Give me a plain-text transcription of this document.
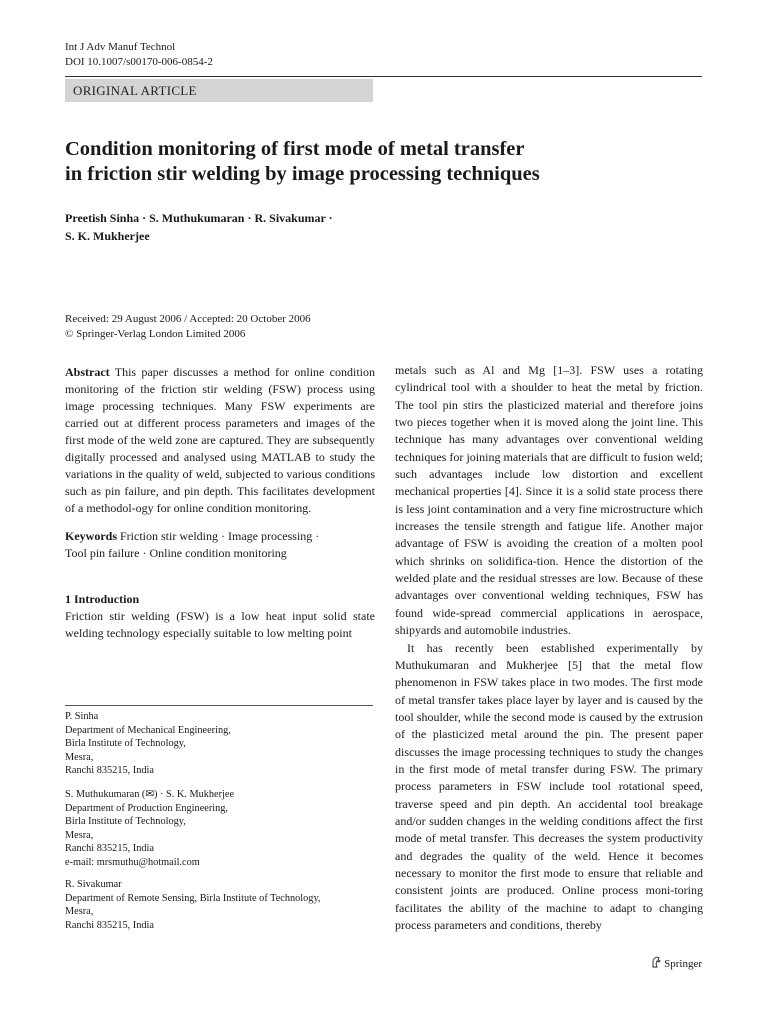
Int J Adv Manuf Technol
DOI 10.1007/s00170-006-0854-2
ORIGINAL ARTICLE
Condition monitoring of first mode of metal transfer
in friction stir welding by image processing techniques
Preetish Sinha · S. Muthukumaran · R. Sivakumar ·
S. K. Mukherjee
Received: 29 August 2006 / Accepted: 20 October 2006
© Springer-Verlag London Limited 2006

Abstract This paper discusses a method for online condition monitoring of the friction stir welding (FSW) process using image processing techniques. Many FSW experiments are carried out at different process parameters and images of the first mode of the weld zone are captured. They are subsequently digitally processed and analysed using MATLAB to study the variations in the quality of weld, subjected to various conditions such as pin failure, and pin depth. This facilitates development of a methodol-ogy for online condition monitoring.

Keywords Friction stir welding · Image processing ·
Tool pin failure · Online condition monitoring
1 Introduction

Friction stir welding (FSW) is a low heat input solid state welding technology especially suitable to low melting point

P. Sinha
Department of Mechanical Engineering,
Birla Institute of Technology,
Mesra,
Ranchi 835215, India
S. Muthukumaran (✉) · S. K. Mukherjee
Department of Production Engineering,
Birla Institute of Technology,
Mesra,
Ranchi 835215, India
e-mail: mrsmuthu@hotmail.com
R. Sivakumar
Department of Remote Sensing, Birla Institute of Technology,
Mesra,
Ranchi 835215, India

metals such as Al and Mg [1–3]. FSW uses a rotating cylindrical tool with a shoulder to heat the metal by friction. The tool pin stirs the plasticized material and therefore joins two pieces together when it is moved along the joint line. This technique has many advantages over conventional welding techniques for joining materials that are difficult to fusion weld; such advantages include low distortion and excellent mechanical properties [4]. Since it is a solid state process there is less joint contamination and a very fine microstructure which increases the tensile strength and fatigue life. Another major advantage of FSW is avoiding the creation of a molten pool which shrinks on solidifica-tion. Hence the distortion of the welded plate and the residual stresses are low. Because of these advantages over conventional welding techniques, FSW has found wide-spread commercial applications in aerospace, shipyards and automobile industries.

It has recently been established experimentally by Muthukumaran and Mukherjee [5] that the metal flow phenomenon in FSW takes place in two modes. The first mode of metal transfer takes place layer by layer and is caused by the tool shoulder, while the second mode is caused by the extrusion of the plasticized metal around the pin. The present paper discusses the image processing techniques to study the changes in the first mode of metal transfer during FSW. The primary process parameters in FSW include tool rotational speed, traverse speed and pin depth. An accidental tool breakage and/or sudden changes in the welding conditions affect the first mode of metal transfer. This decreases the system productivity and degrades the quality of the weld. Hence it becomes necessary to monitor the first mode to ensure that reliable and consistent joints are produced. Online process moni-toring facilitates the ability of the machine to adapt to changing process parameters and conditions, thereby

Springer
